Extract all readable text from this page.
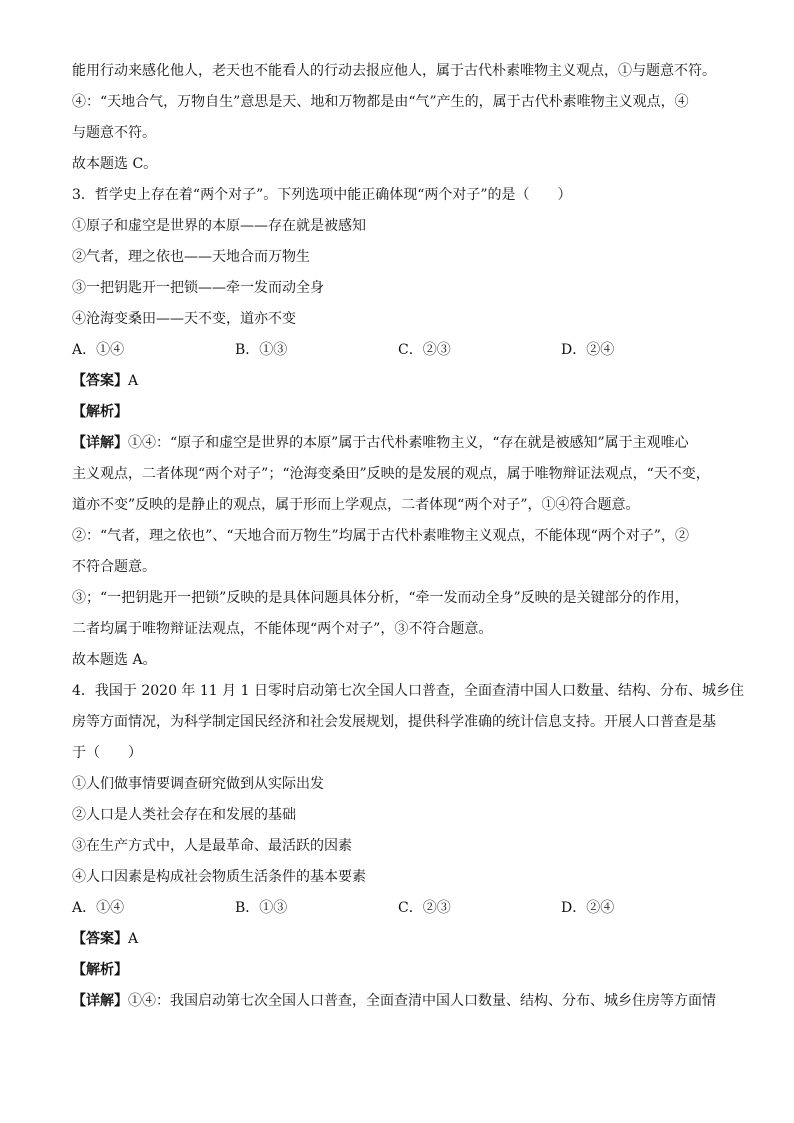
能用行动来感化他人，老天也不能看人的行动去报应他人，属于古代朴素唯物主义观点，①与题意不符。
④：“天地合气，万物自生”意思是天、地和万物都是由“气”产生的，属于古代朴素唯物主义观点，④
与题意不符。
故本题选 C。
3．哲学史上存在着“两个对子”。下列选项中能正确体现“两个对子”的是（　　）
①原子和虚空是世界的本原——存在就是被感知
②气者，理之依也——天地合而万物生
③一把钥匙开一把锁——牵一发而动全身
④沧海变桑田——天不变，道亦不变
A．①④	B．①③	C．②③	D．②④
【答案】A
【解析】
【详解】①④：“原子和虚空是世界的本原”属于古代朴素唯物主义，“存在就是被感知”属于主观唯心
主义观点，二者体现“两个对子”；“沧海变桑田”反映的是发展的观点，属于唯物辩证法观点，“天不变，
道亦不变”反映的是静止的观点，属于形而上学观点，二者体现“两个对子”，①④符合题意。
②：“气者，理之依也”、“天地合而万物生”均属于古代朴素唯物主义观点，不能体现“两个对子”，②
不符合题意。
③；“一把钥匙开一把锁”反映的是具体问题具体分析，“牵一发而动全身”反映的是关键部分的作用，
二者均属于唯物辩证法观点，不能体现“两个对子”，③不符合题意。
故本题选 A。
4．我国于 2020 年 11 月 1 日零时启动第七次全国人口普查，全面查清中国人口数量、结构、分布、城乡住
房等方面情况，为科学制定国民经济和社会发展规划，提供科学准确的统计信息支持。开展人口普查是基
于（　　）
①人们做事情要调查研究做到从实际出发
②人口是人类社会存在和发展的基础
③在生产方式中，人是最革命、最活跃的因素
④人口因素是构成社会物质生活条件的基本要素
A．①④	B．①③	C．②③	D．②④
【答案】A
【解析】
【详解】①④：我国启动第七次全国人口普查，全面查清中国人口数量、结构、分布、城乡住房等方面情
